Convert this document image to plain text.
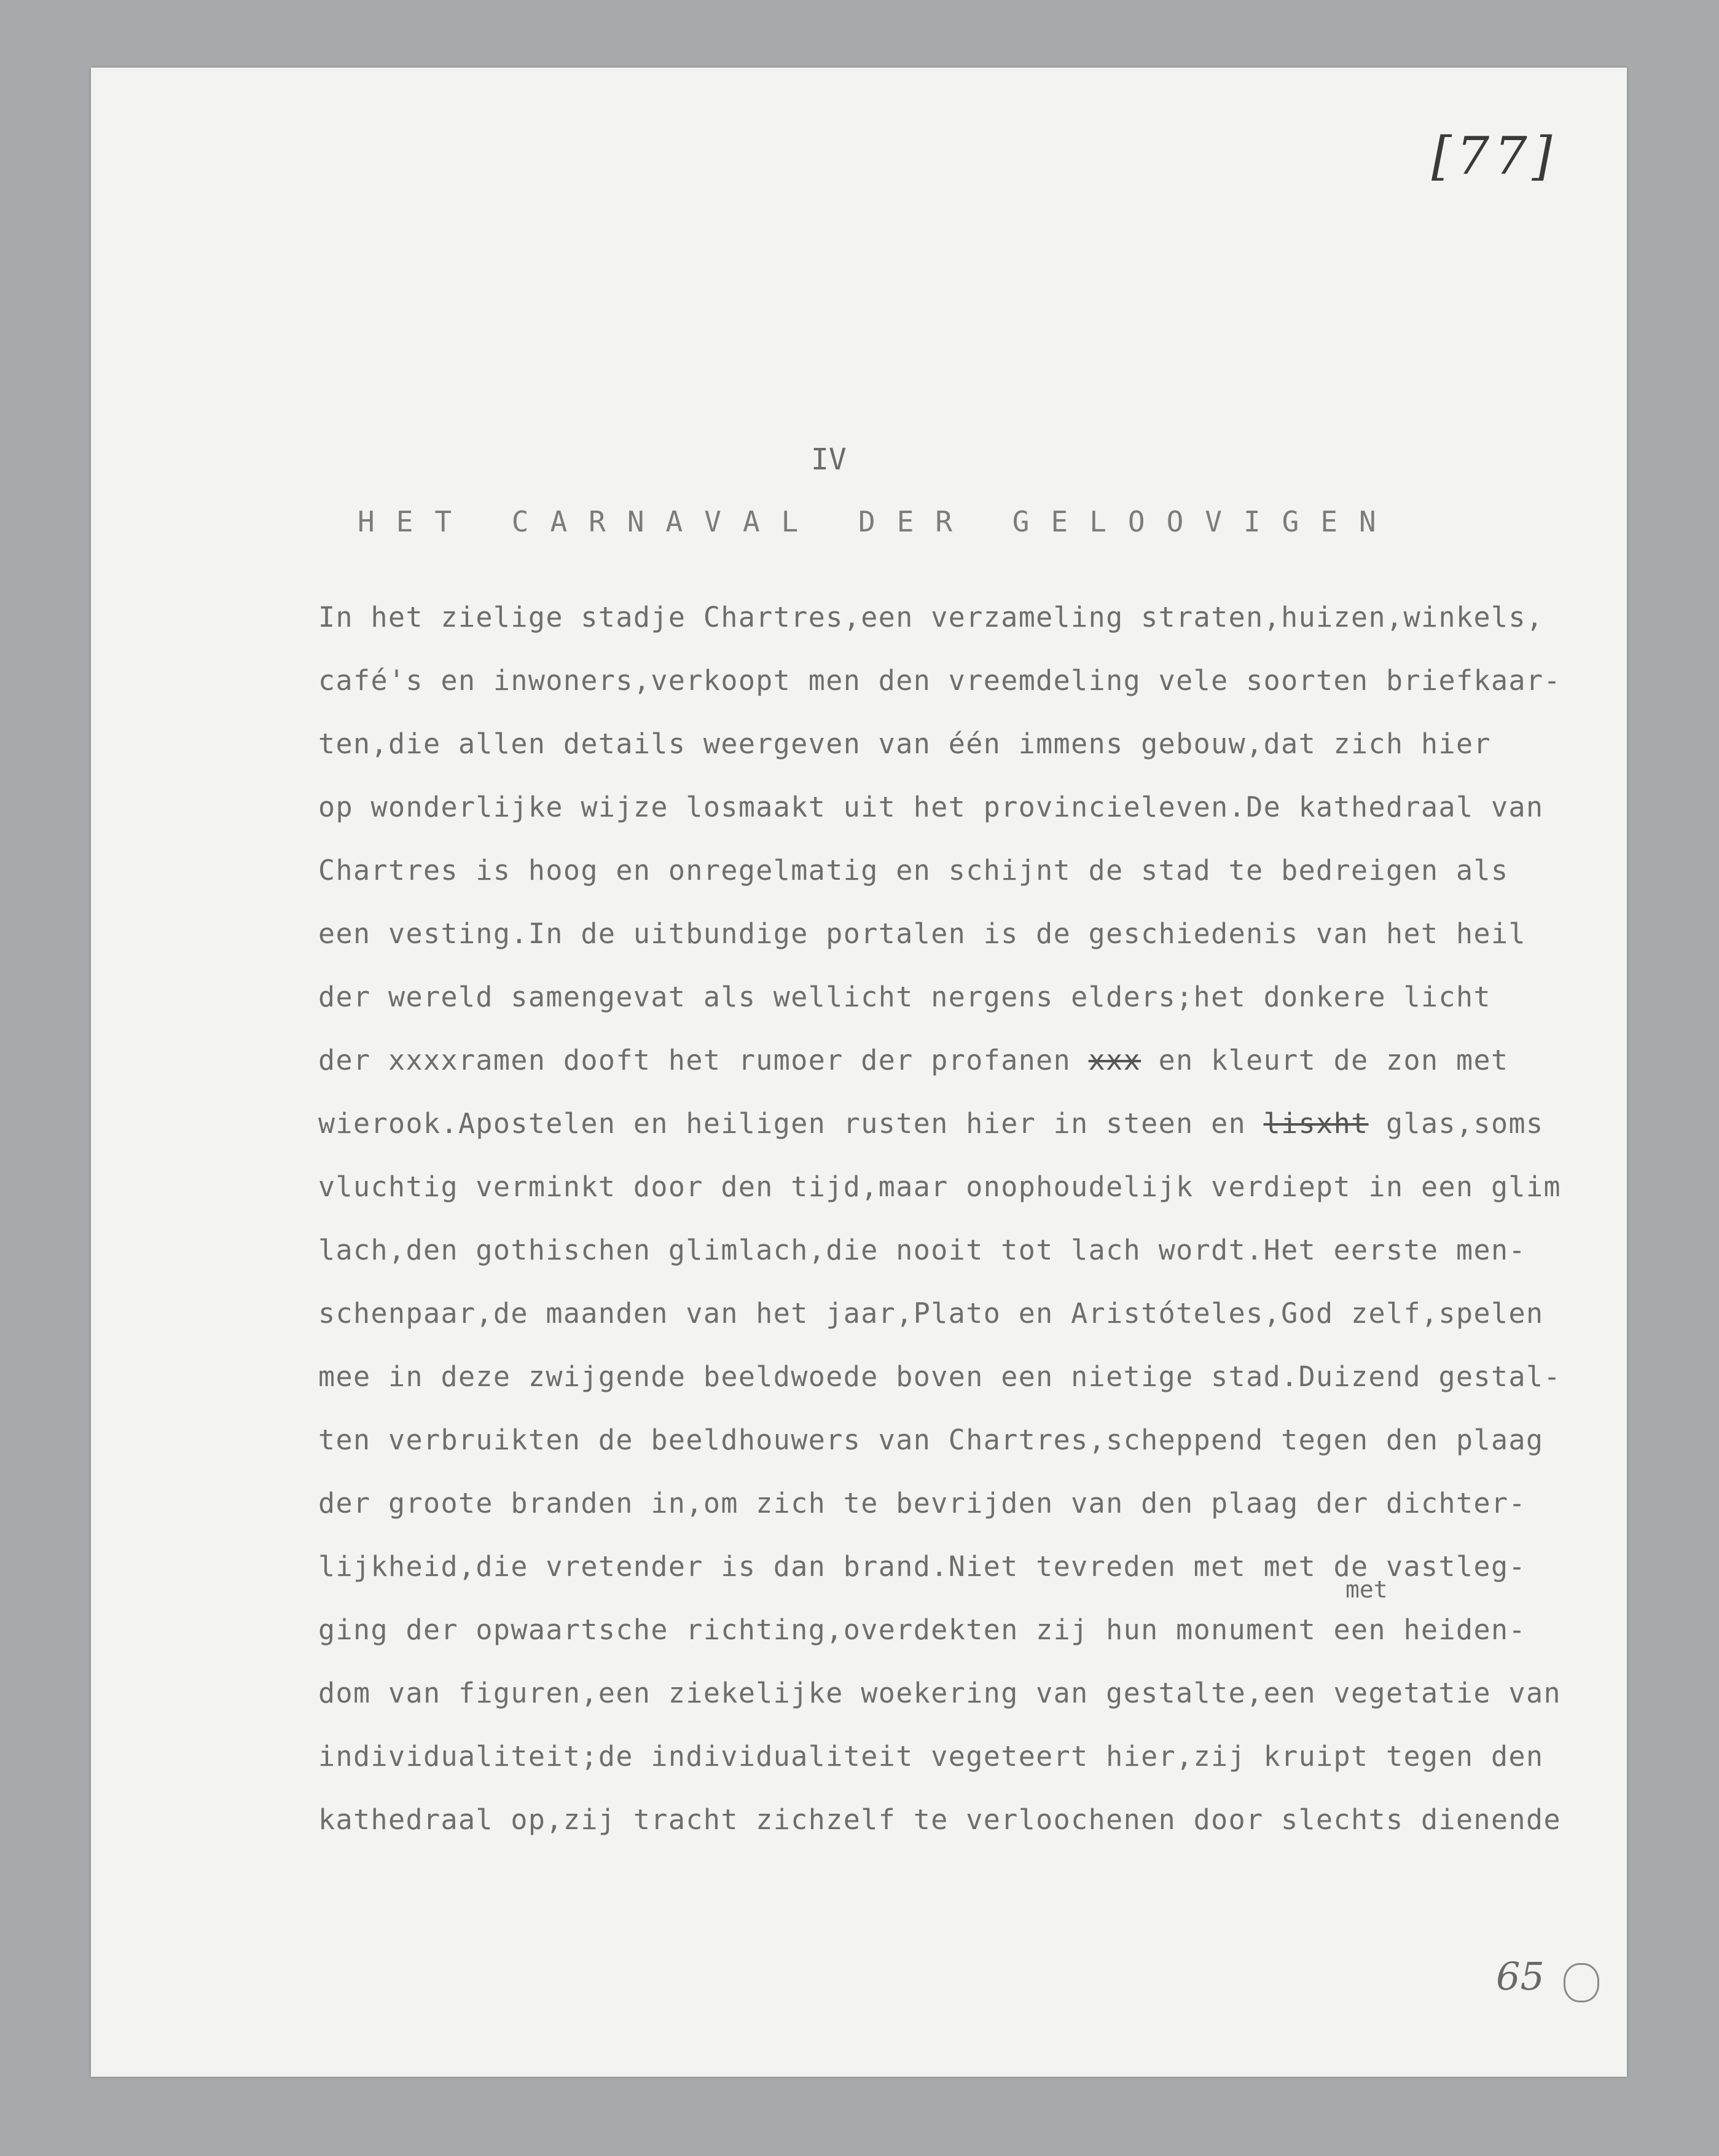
[77]
IV
HET CARNAVAL DER GELOOVIGEN
In het zielige stadje Chartres,een verzameling straten,huizen,winkels,
café's en inwoners,verkoopt men den vreemdeling vele soorten briefkaar-
ten,die allen details weergeven van één immens gebouw,dat zich hier
op wonderlijke wijze losmaakt uit het provincieleven.De kathedraal van
Chartres is hoog en onregelmatig en schijnt de stad te bedreigen als
een vesting.In de uitbundige portalen is de geschiedenis van het heil
der wereld samengevat als wellicht nergens elders;het donkere licht
der xxxxramen dooft het rumoer der profanen xxx en kleurt de zon met
wierook.Apostelen en heiligen rusten hier in steen en lisxht glas,soms
vluchtig verminkt door den tijd,maar onophoudelijk verdiept in een glim
lach,den gothischen glimlach,die nooit tot lach wordt.Het eerste men-
schenpaar,de maanden van het jaar,Plato en Aristóteles,God zelf,spelen
mee in deze zwijgende beeldwoede boven een nietige stad.Duizend gestal-
ten verbruikten de beeldhouwers van Chartres,scheppend tegen den plaag
der groote branden in,om zich te bevrijden van den plaag der dichter-
lijkheid,die vretender is dan brand.Niet tevreden met met de vastleg-
ging der opwaartsche richting,overdekten zij hun monument een heiden-
dom van figuren,een ziekelijke woekering van gestalte,een vegetatie van
individualiteit;de individualiteit vegeteert hier,zij kruipt tegen den
kathedraal op,zij tracht zichzelf te verloochenen door slechts dienende
met
65
